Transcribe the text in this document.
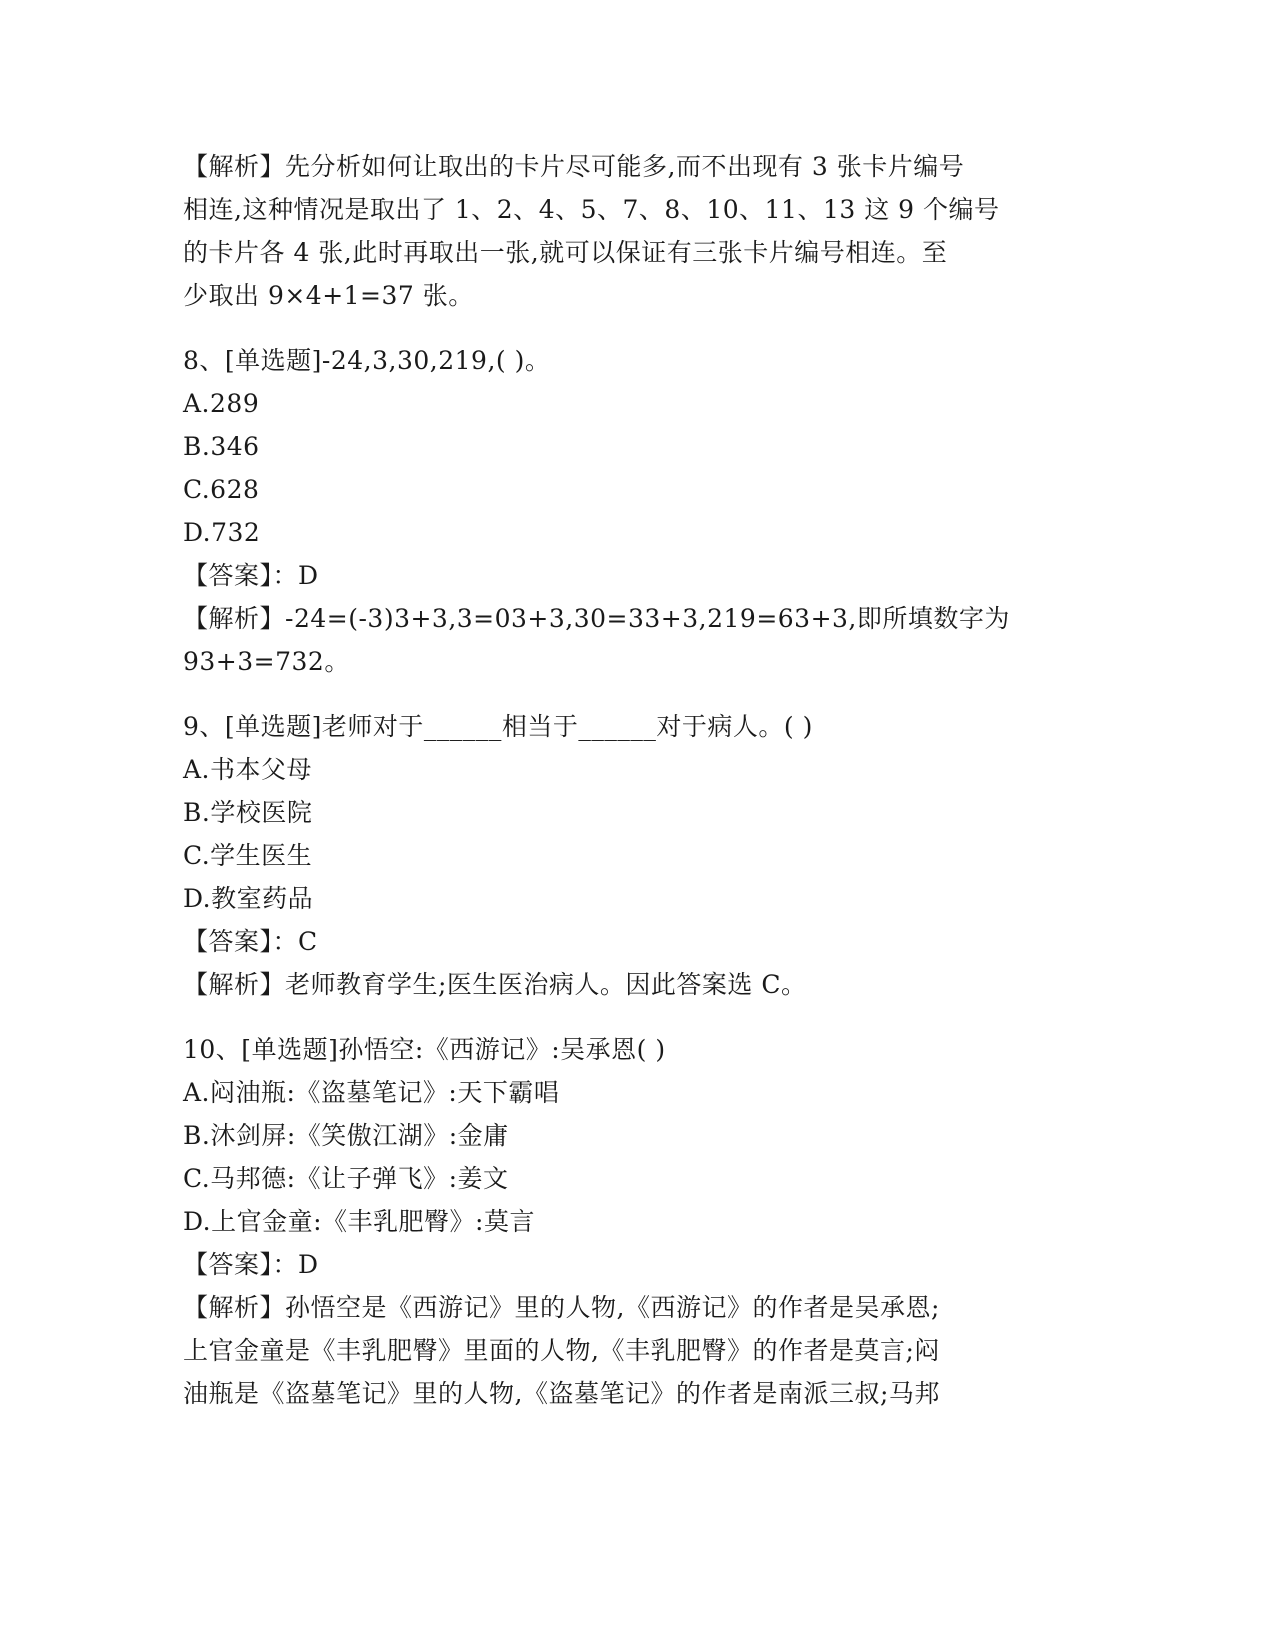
【解析】先分析如何让取出的卡片尽可能多,而不出现有 3 张卡片编号
相连,这种情况是取出了 1、2、4、5、7、8、10、11、13 这 9 个编号
的卡片各 4 张,此时再取出一张,就可以保证有三张卡片编号相连。至
少取出 9×4+1=37 张。
8、[单选题]-24,3,30,219,( )。
A.289
B.346
C.628
D.732
【答案】：D
【解析】-24=(-3)3+3,3=03+3,30=33+3,219=63+3,即所填数字为
93+3=732。
9、[单选题]老师对于______相当于______对于病人。( )
A.书本父母
B.学校医院
C.学生医生
D.教室药品
【答案】：C
【解析】老师教育学生;医生医治病人。因此答案选 C。
10、[单选题]孙悟空:《西游记》:吴承恩( )
A.闷油瓶:《盗墓笔记》:天下霸唱
B.沐剑屏:《笑傲江湖》:金庸
C.马邦德:《让子弹飞》:姜文
D.上官金童:《丰乳肥臀》:莫言
【答案】：D
【解析】孙悟空是《西游记》里的人物,《西游记》的作者是吴承恩;
上官金童是《丰乳肥臀》里面的人物,《丰乳肥臀》的作者是莫言;闷
油瓶是《盗墓笔记》里的人物,《盗墓笔记》的作者是南派三叔;马邦
